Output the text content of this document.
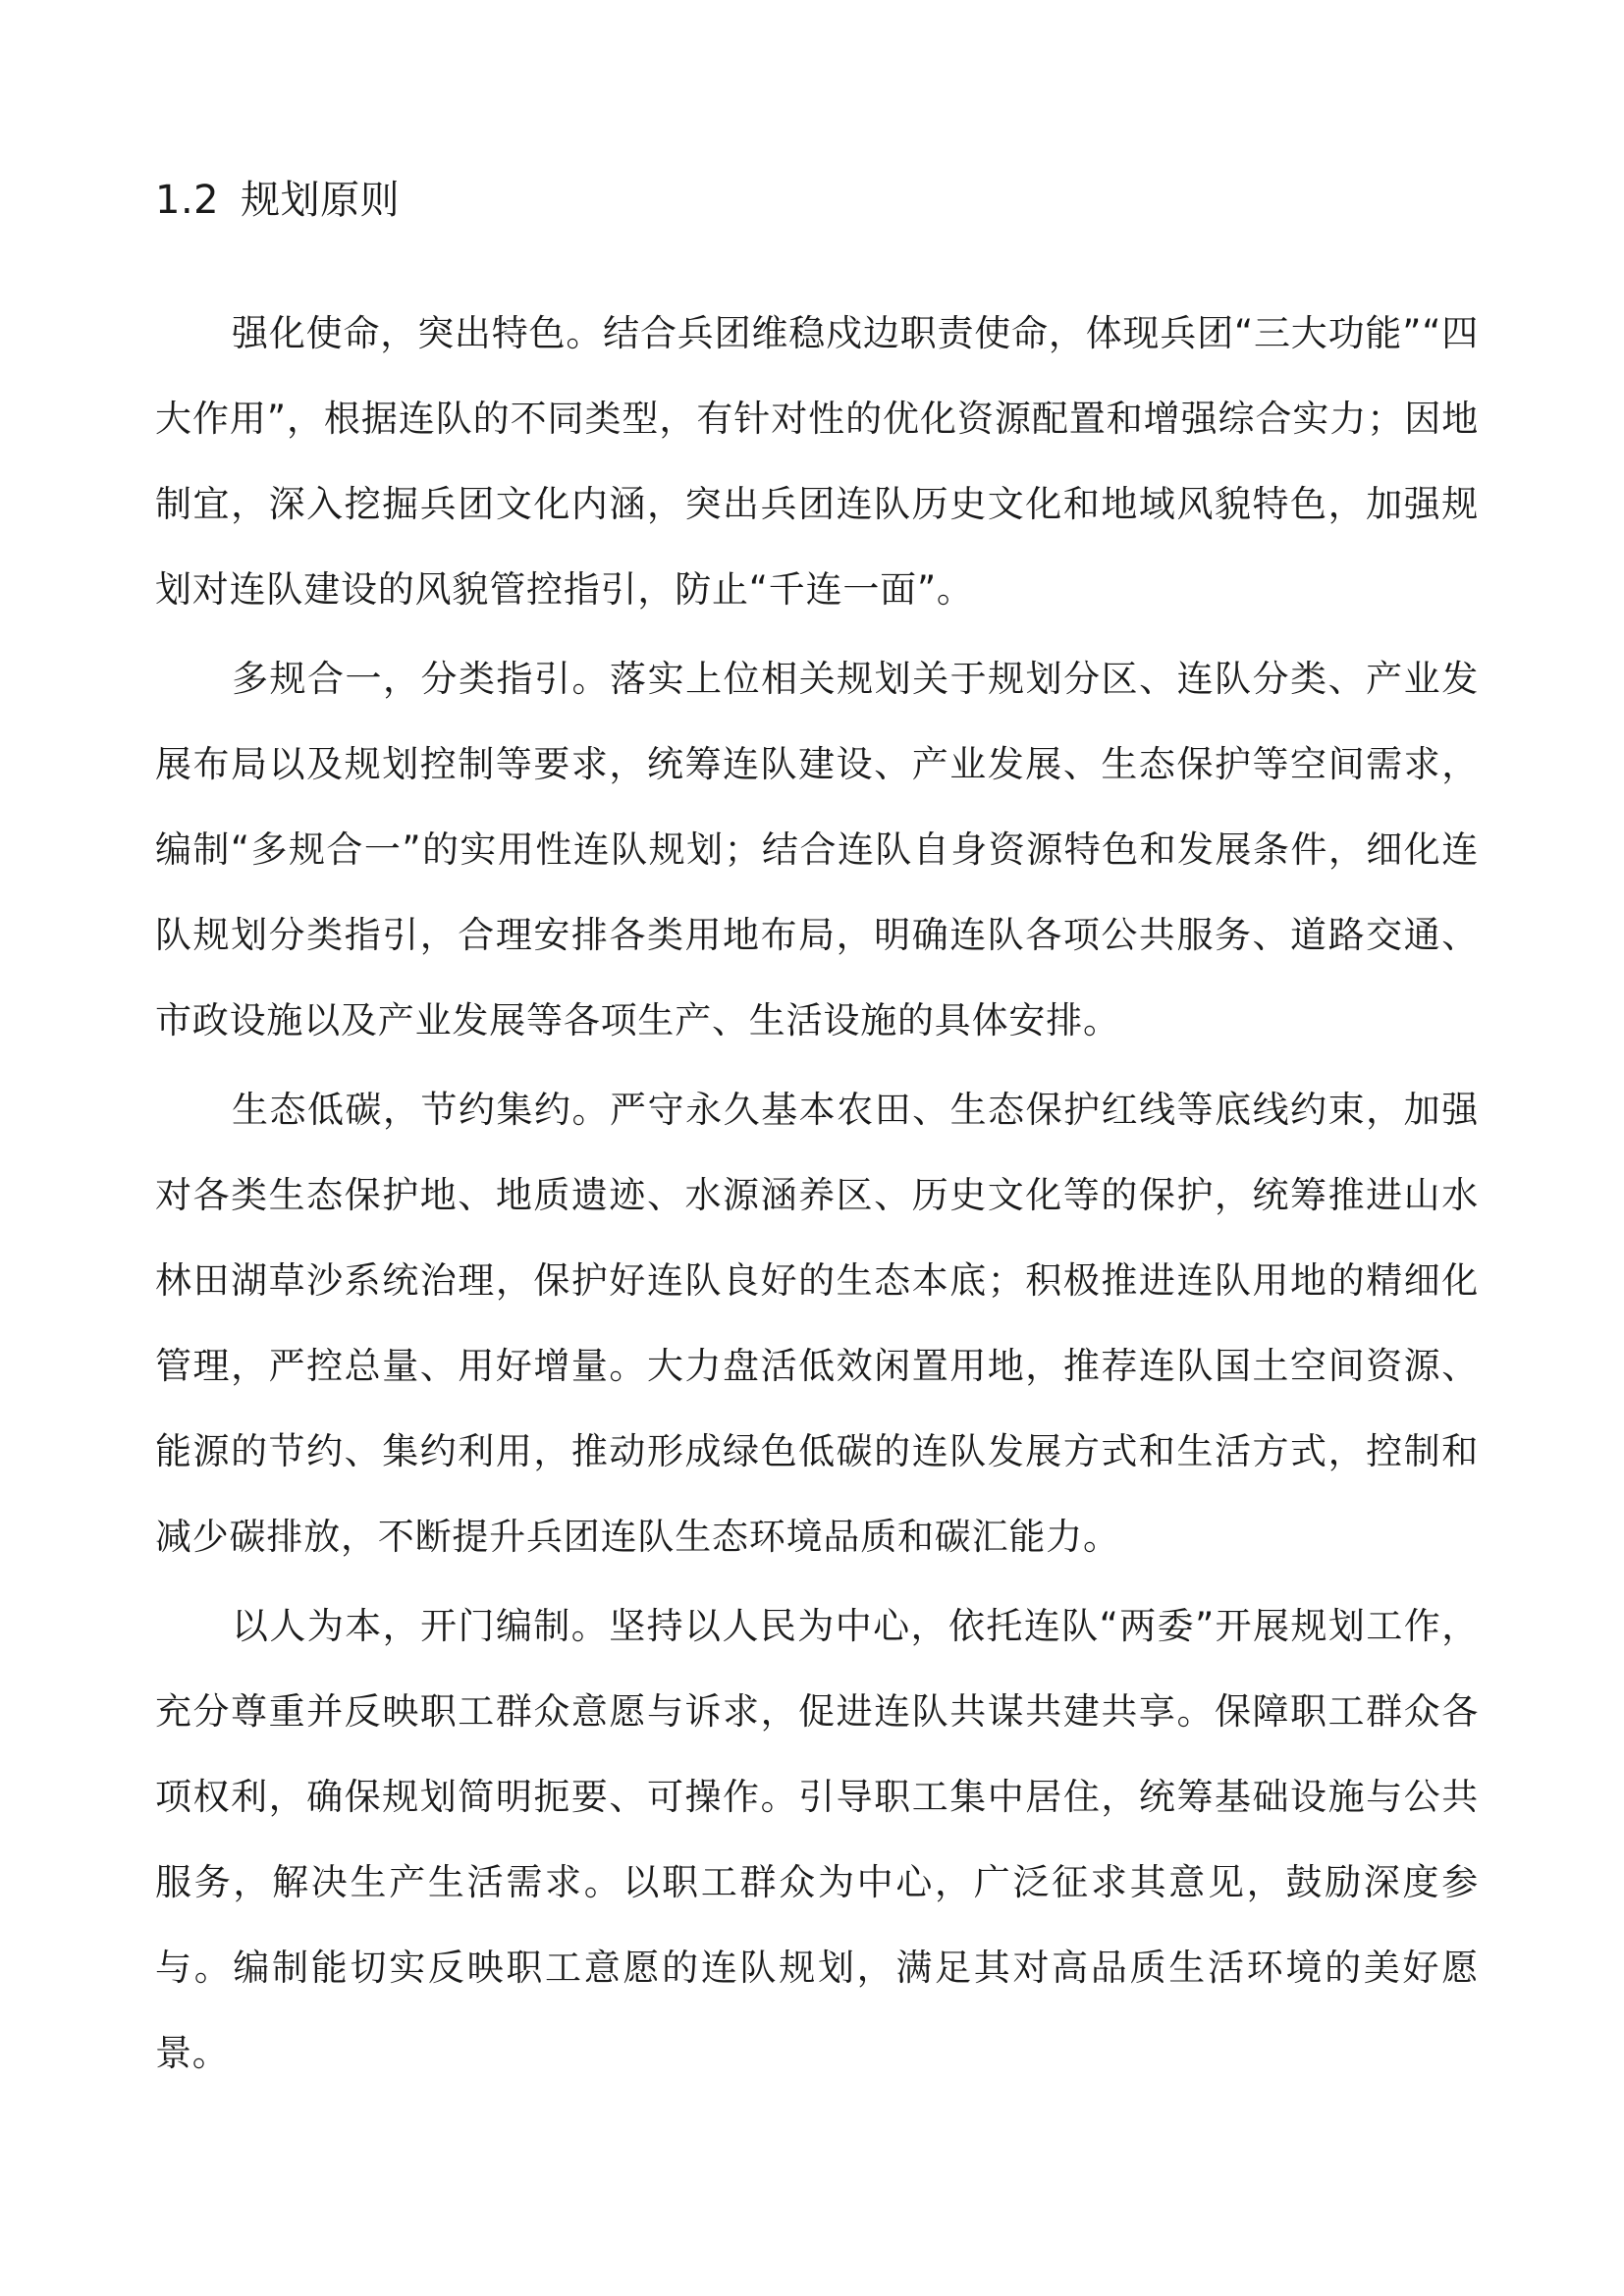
1.2 规划原则

强化使命，突出特色。结合兵团维稳戍边职责使命，体现兵团“三大功能”“四大作用”，根据连队的不同类型，有针对性的优化资源配置和增强综合实力；因地制宜，深入挖掘兵团文化内涵，突出兵团连队历史文化和地域风貌特色，加强规划对连队建设的风貌管控指引，防止“千连一面”。

多规合一，分类指引。落实上位相关规划关于规划分区、连队分类、产业发展布局以及规划控制等要求，统筹连队建设、产业发展、生态保护等空间需求，编制“多规合一”的实用性连队规划；结合连队自身资源特色和发展条件，细化连队规划分类指引，合理安排各类用地布局，明确连队各项公共服务、道路交通、市政设施以及产业发展等各项生产、生活设施的具体安排。

生态低碳，节约集约。严守永久基本农田、生态保护红线等底线约束，加强对各类生态保护地、地质遗迹、水源涵养区、历史文化等的保护，统筹推进山水林田湖草沙系统治理，保护好连队良好的生态本底；积极推进连队用地的精细化管理，严控总量、用好增量。大力盘活低效闲置用地，推荐连队国土空间资源、能源的节约、集约利用，推动形成绿色低碳的连队发展方式和生活方式，控制和减少碳排放，不断提升兵团连队生态环境品质和碳汇能力。

以人为本，开门编制。坚持以人民为中心，依托连队“两委”开展规划工作，充分尊重并反映职工群众意愿与诉求，促进连队共谋共建共享。保障职工群众各项权利，确保规划简明扼要、可操作。引导职工集中居住，统筹基础设施与公共服务，解决生产生活需求。以职工群众为中心，广泛征求其意见，鼓励深度参与。编制能切实反映职工意愿的连队规划，满足其对高品质生活环境的美好愿景。
